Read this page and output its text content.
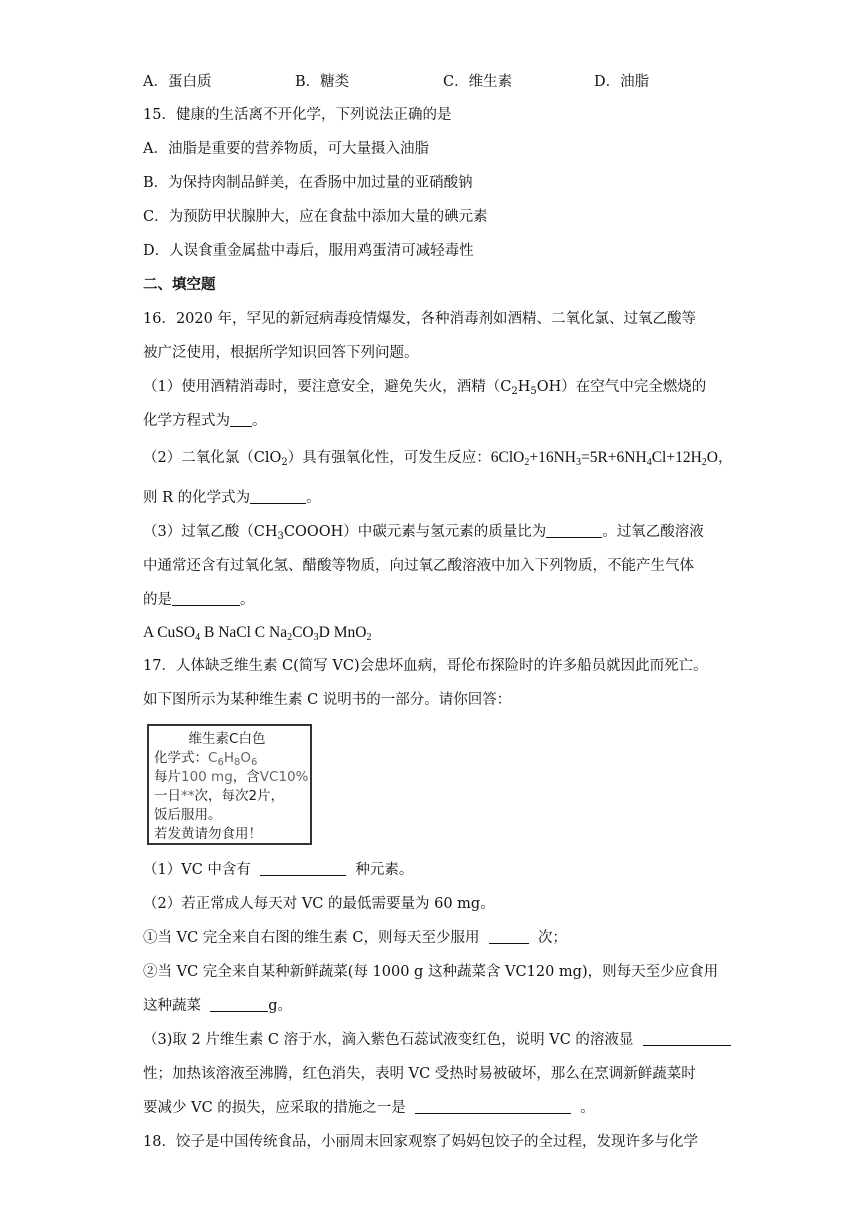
A．蛋白质	B．糖类	C．维生素	D．油脂
15．健康的生活离不开化学，下列说法正确的是
A．油脂是重要的营养物质，可大量摄入油脂
B．为保持肉制品鲜美，在香肠中加过量的亚硝酸钠
C．为预防甲状腺肿大，应在食盐中添加大量的碘元素
D．人误食重金属盐中毒后，服用鸡蛋清可减轻毒性
二、填空题
16．2020 年，罕见的新冠病毒疫情爆发，各种消毒剂如酒精、二氧化氯、过氧乙酸等
被广泛使用，根据所学知识回答下列问题。
（1）使用酒精消毒时，要注意安全，避免失火，酒精$(C_2H_5OH)$在空气中完全燃烧的
化学方程式为 。
（2）二氧化氯（ClO$_2$）具有强氧化性，可发生反应：$6ClO_2+16NH_3=5R+6NH_4Cl+12H_2O$，
则 R 的化学式为	。
（3）过氧乙酸$(CH_3COOOH)$中碳元素与氢元素的质量比为	。过氧乙酸溶液
中通常还含有过氧化氢、醋酸等物质，向过氧乙酸溶液中加入下列物质，不能产生气体
的是	。
A CuSO$_4$ B NaCl C $Na_2CO_3D$ MnO$_2$
17．人体缺乏维生素 C(简写 VC)会患坏血病，哥伦布探险时的许多船员就因此而死亡。
如下图所示为某种维生素 C 说明书的一部分。请你回答：
维生素C白色
化学式：$C_6H_8O_6$
每片100 mg，含VC10%
一日**次，每次2片，
饭后服用。
若发黄请勿食用！
（1）VC 中含有	种元素。
（2）若正常成人每天对 VC 的最低需要量为 60 mg。
①当 VC 完全来自右图的维生素 C，则每天至少服用	次；
②当 VC 完全来自某种新鲜蔬菜(每 1000 g 这种蔬菜含 VC120 mg)，则每天至少应食用
这种蔬菜	g。
（3)取 2 片维生素 C 溶于水，滴入紫色石蕊试液变红色，说明 VC 的溶液显
性；加热该溶液至沸腾，红色消失，表明 VC 受热时易被破坏，那么在烹调新鲜蔬菜时
要减少 VC 的损失，应采取的措施之一是	。
18．饺子是中国传统食品，小丽周末回家观察了妈妈包饺子的全过程，发现许多与化学
